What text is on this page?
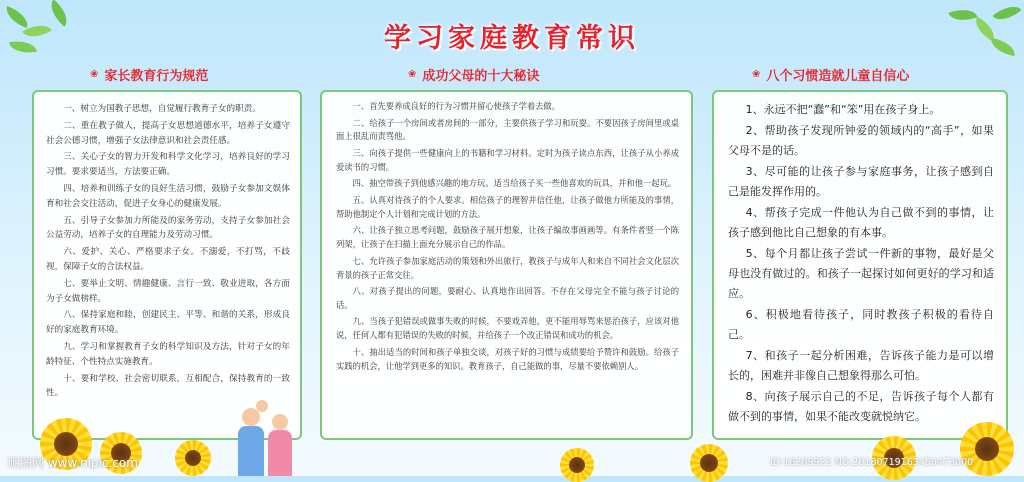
学习家庭教育常识
❀ 家长教育行为规范	❀ 成功父母的十大秘诀	❀ 八个习惯造就儿童自信心

一、树立为国教子思想，自觉履行教育子女的职责。

二、重在教子做人，提高子女思想道德水平，培养子女遵守社会公德习惯，增强子女法律意识和社会责任感。

三、关心子女的智力开发和科学文化学习，培养良好的学习习惯。要求要适当，方法要正确。

四、培养和训练子女的良好生活习惯，鼓励子女参加文娱体育和社会交往活动，促进子女身心的健康发展。

五、引导子女参加力所能及的家务劳动，支持子女参加社会公益劳动，培养子女的自理能力及劳动习惯。

六、爱护、关心、严格要求子女。不溺爱，不打骂，不歧视，保障子女的合法权益。

七、要举止文明、情趣健康、言行一致、敬业进取，各方面为子女做榜样。

八、保持家庭和睦，创建民主、平等、和谐的关系，形成良好的家庭教育环境。

九、学习和掌握教育子女的科学知识及方法，针对子女的年龄特征、个性特点实施教育。

十、要和学校、社会密切联系，互相配合，保持教育的一致性。

一、首先要养成良好的行为习惯并留心使孩子学着去做。

二、给孩子一个房间或者房间的一部分，主要供孩子学习和玩耍。不要因孩子房间里或桌面上很乱而责骂他。

三、向孩子提供一些健康向上的书籍和学习材料。定时为孩子读点东西，让孩子从小养成爱读书的习惯。

四、抽空带孩子到他感兴趣的地方玩。适当给孩子买一些他喜欢的玩具，并和他一起玩。

五、认真对待孩子的个人要求。相信孩子的理智并信任他，让孩子做他力所能及的事情，帮助他制定个人计划和完成计划的方法。

六、让孩子独立思考问题，鼓励孩子展开想象，让孩子编故事画画等。有条件者竖一个陈列架，让孩子在扫描上面充分展示自己的作品。

七、允许孩子参加家庭活动的策划和外出旅行，教孩子与成年人和来自不同社会文化层次背景的孩子正常交往。

八、对孩子提出的问题，要耐心、认真地作出回答。不存在父母完全不能与孩子讨论的话。

九、当孩子犯错误或做事失败的时候，不要戏弄他，更不能用辱骂来惩治孩子，应该对他说，任何人都有犯错误的失败的时候，并给孩子一个改正错误和成功的机会。

十、抽出适当的时间和孩子单独交谈，对孩子好的习惯与成绩要给予赞许和鼓励。给孩子实践的机会，让他学到更多的知识。教育孩子，自己能做的事，尽量不要依赖别人。

1、永远不把“蠢”和“笨”用在孩子身上。

2、帮助孩子发现所钟爱的领域内的“高手”，如果父母不是的话。

3、尽可能的让孩子参与家庭事务，让孩子感到自己是能发挥作用的。

4、帮孩子完成一件他认为自己做不到的事情，让孩子感到他比自己想象的有本事。

5、每个月都让孩子尝试一件新的事物，最好是父母也没有做过的。和孩子一起探讨如何更好的学习和适应。

6、积极地看待孩子，同时教孩子积极的看待自己。

7、和孩子一起分析困难，告诉孩子能力是可以增长的，困难并非像自己想象得那么可怕。

8、向孩子展示自己的不足，告诉孩子每个人都有做不到的事情，如果不能改变就悦纳它。

昵图网 www.nipic.com	ID:18209922 NO:20180719163450473000
